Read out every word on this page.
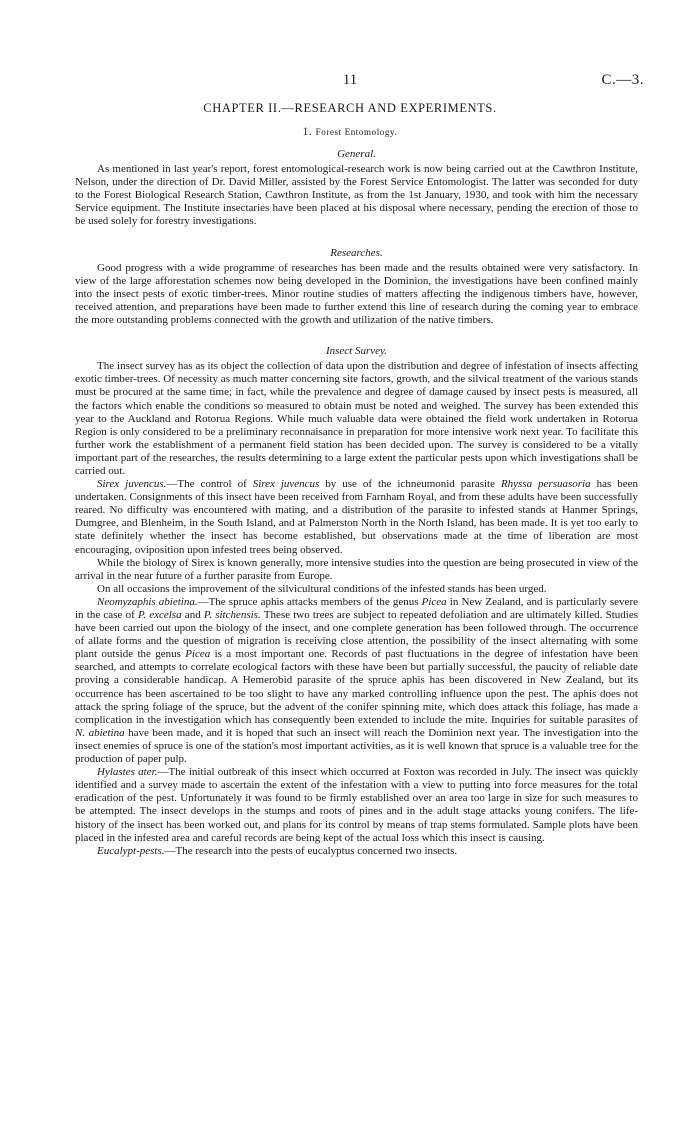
11	C.—3.
CHAPTER II.—RESEARCH AND EXPERIMENTS.
1. Forest Entomology.
General.

As mentioned in last year's report, forest entomological-research work is now being carried out at the Cawthron Institute, Nelson, under the direction of Dr. David Miller, assisted by the Forest Service Entomologist. The latter was seconded for duty to the Forest Biological Research Station, Cawthron Institute, as from the 1st January, 1930, and took with him the necessary Service equipment. The Institute insectaries have been placed at his disposal where necessary, pending the erection of those to be used solely for forestry investigations.

Researches.

Good progress with a wide programme of researches has been made and the results obtained were very satisfactory. In view of the large afforestation schemes now being developed in the Dominion, the investigations have been confined mainly into the insect pests of exotic timber-trees. Minor routine studies of matters affecting the indigenous timbers have, however, received attention, and preparations have been made to further extend this line of research during the coming year to embrace the more outstanding problems connected with the growth and utilization of the native timbers.

Insect Survey.

The insect survey has as its object the collection of data upon the distribution and degree of infestation of insects affecting exotic timber-trees. Of necessity as much matter concerning site factors, growth, and the silvical treatment of the various stands must be procured at the same time; in fact, while the prevalence and degree of damage caused by insect pests is measured, all the factors which enable the conditions so measured to obtain must be noted and weighed. The survey has been extended this year to the Auckland and Rotorua Regions. While much valuable data were obtained the field work undertaken in Rotorua Region is only considered to be a preliminary reconnaisance in preparation for more intensive work next year. To facilitate this further work the establishment of a permanent field station has been decided upon. The survey is considered to be a vitally important part of the researches, the results determining to a large extent the particular pests upon which investigations shall be carried out.

Sirex juvencus.—The control of Sirex juvencus by use of the ichneumonid parasite Rhyssa persuasoria has been undertaken. Consignments of this insect have been received from Farnham Royal, and from these adults have been successfully reared. No difficulty was encountered with mating, and a distribution of the parasite to infested stands at Hanmer Springs, Dumgree, and Blenheim, in the South Island, and at Palmerston North in the North Island, has been made. It is yet too early to state definitely whether the insect has become established, but observations made at the time of liberation are most encouraging, oviposition upon infested trees being observed.

While the biology of Sirex is known generally, more intensive studies into the question are being prosecuted in view of the arrival in the near future of a further parasite from Europe.

On all occasions the improvement of the silvicultural conditions of the infested stands has been urged.

Neomyzaphis abietina.—The spruce aphis attacks members of the genus Picea in New Zealand, and is particularly severe in the case of P. excelsa and P. sitchensis. These two trees are subject to repeated defoliation and are ultimately killed. Studies have been carried out upon the biology of the insect, and one complete generation has been followed through. The occurrence of allate forms and the question of migration is receiving close attention, the possibility of the insect alternating with some plant outside the genus Picea is a most important one. Records of past fluctuations in the degree of infestation have been searched, and attempts to correlate ecological factors with these have been but partially successful, the paucity of reliable date proving a considerable handicap. A Hemerobid parasite of the spruce aphis has been discovered in New Zealand, but its occurrence has been ascertained to be too slight to have any marked controlling influence upon the pest. The aphis does not attack the spring foliage of the spruce, but the advent of the conifer spinning mite, which does attack this foliage, has made a complication in the investigation which has consequently been extended to include the mite. Inquiries for suitable parasites of N. abietina have been made, and it is hoped that such an insect will reach the Dominion next year. The investigation into the insect enemies of spruce is one of the station's most important activities, as it is well known that spruce is a valuable tree for the production of paper pulp.

Hylastes ater.—The initial outbreak of this insect which occurred at Foxton was recorded in July. The insect was quickly identified and a survey made to ascertain the extent of the infestation with a view to putting into force measures for the total eradication of the pest. Unfortunately it was found to be firmly established over an area too large in size for such measures to be attempted. The insect develops in the stumps and roots of pines and in the adult stage attacks young conifers. The life-history of the insect has been worked out, and plans for its control by means of trap stems formulated. Sample plots have been placed in the infested area and careful records are being kept of the actual loss which this insect is causing.

Eucalypt-pests.—The research into the pests of eucalyptus concerned two insects.
